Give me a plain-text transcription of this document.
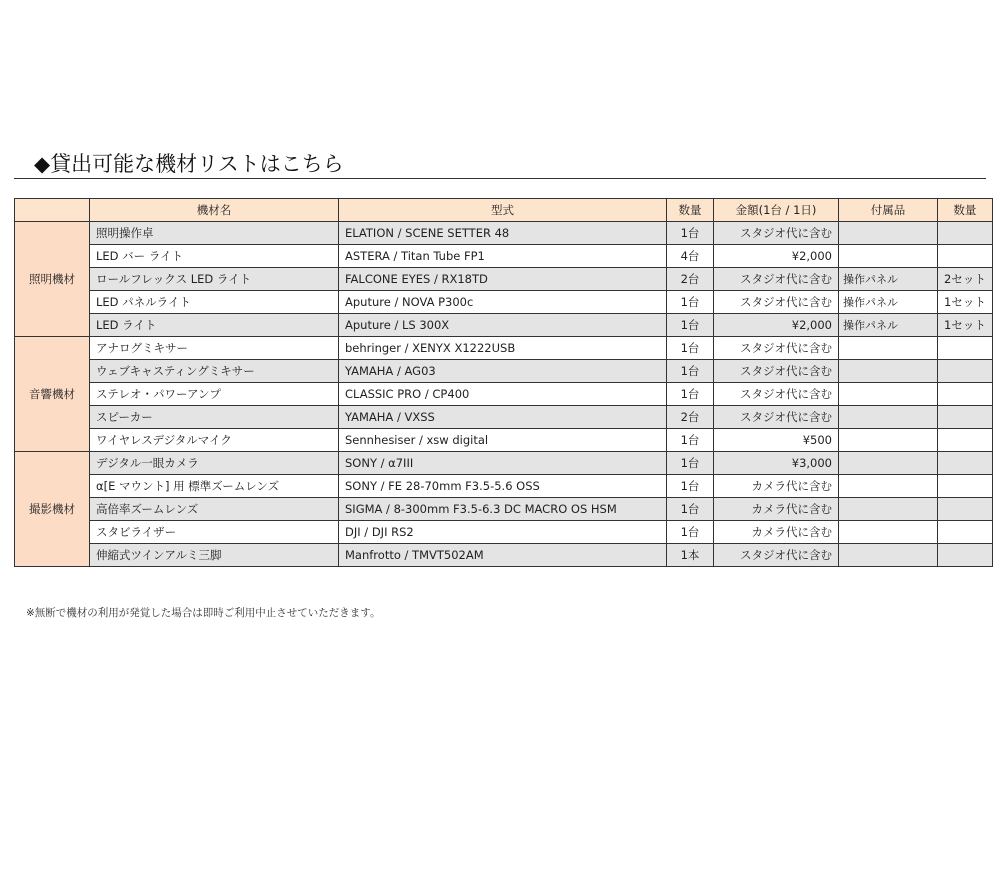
◆貸出可能な機材リストはこちら
	機材名	型式	数量	金額(1台 / 1日)	付属品	数量
照明機材	照明操作卓	ELATION / SCENE SETTER 48	1台	スタジオ代に含む		
	LED バー ライト	ASTERA / Titan Tube FP1	4台	¥2,000		
	ロールフレックス LED ライト	FALCONE EYES / RX18TD	2台	スタジオ代に含む	操作パネル	2セット
	LED パネルライト	Aputure / NOVA P300c	1台	スタジオ代に含む	操作パネル	1セット
	LED ライト	Aputure / LS 300X	1台	¥2,000	操作パネル	1セット
音響機材	アナログミキサー	behringer / XENYX X1222USB	1台	スタジオ代に含む		
	ウェブキャスティングミキサー	YAMAHA / AG03	1台	スタジオ代に含む		
	ステレオ・パワーアンプ	CLASSIC PRO / CP400	1台	スタジオ代に含む		
	スピーカー	YAMAHA / VXSS	2台	スタジオ代に含む		
	ワイヤレスデジタルマイク	Sennhesiser / xsw digital	1台	¥500		
撮影機材	デジタル一眼カメラ	SONY / α7III	1台	¥3,000		
	α[E マウント] 用 標準ズームレンズ	SONY / FE 28-70mm F3.5-5.6 OSS	1台	カメラ代に含む		
	高倍率ズームレンズ	SIGMA / 8-300mm F3.5-6.3 DC MACRO OS HSM	1台	カメラ代に含む		
	スタビライザー	DJI / DJI RS2	1台	カメラ代に含む		
	伸縮式ツインアルミ三脚	Manfrotto / TMVT502AM	1本	スタジオ代に含む		
※無断で機材の利用が発覚した場合は即時ご利用中止させていただきます。
